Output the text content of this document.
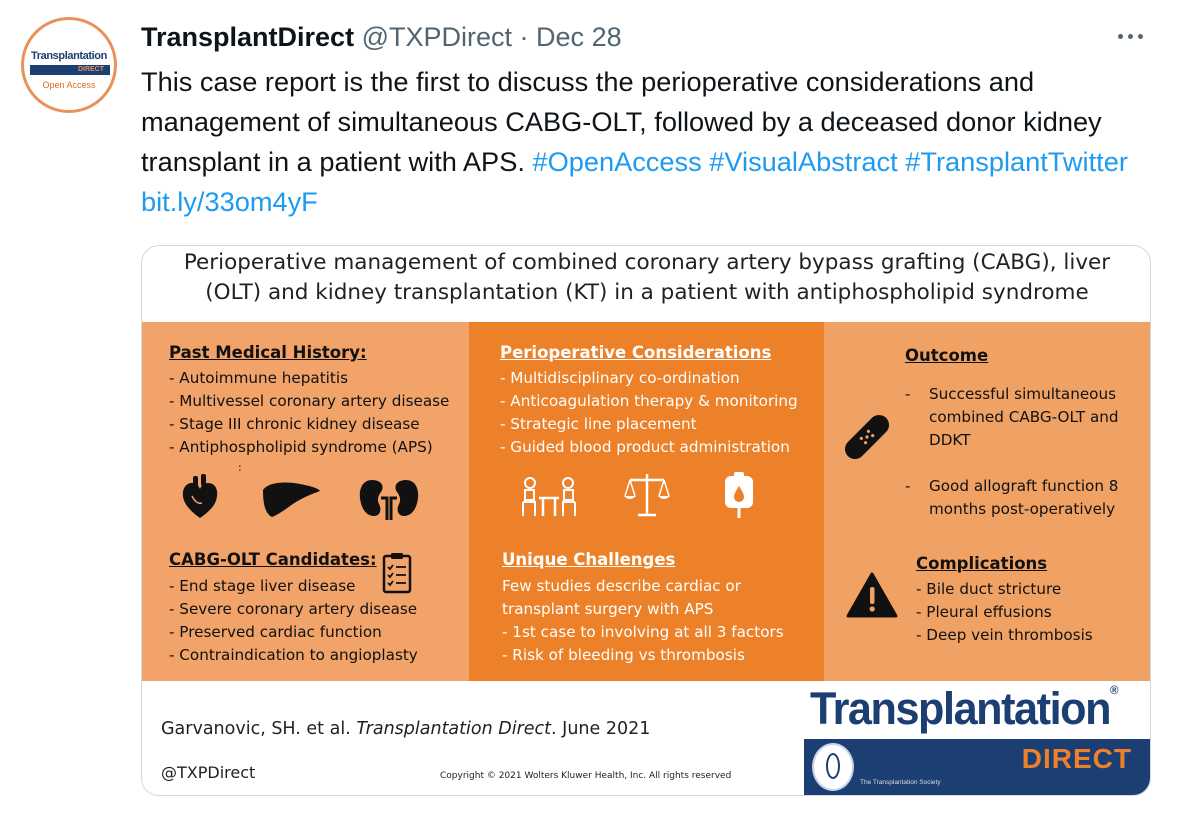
Transplantation
DIRECT
Open Access
TransplantDirect @TXPDirect · Dec 28
This case report is the first to discuss the perioperative considerations and management of simultaneous CABG-OLT, followed by a deceased donor kidney transplant in a patient with APS. #OpenAccess #VisualAbstract #TransplantTwitter bit.ly/33om4yF
Perioperative management of combined coronary artery bypass grafting (CABG), liver
(OLT) and kidney transplantation (KT) in a patient with antiphospholipid syndrome
Past Medical History:
- Autoimmune hepatitis
- Multivessel coronary artery disease
- Stage III chronic kidney disease
- Antiphospholipid syndrome (APS)
:
CABG-OLT Candidates:
- End stage liver disease
- Severe coronary artery disease
- Preserved cardiac function
- Contraindication to angioplasty
Perioperative Considerations
- Multidisciplinary co-ordination
- Anticoagulation therapy & monitoring
- Strategic line placement
- Guided blood product administration
Unique Challenges
Few studies describe cardiac or
transplant surgery with APS
- 1st case to involving at all 3 factors
- Risk of bleeding vs thrombosis
Outcome
- Successful simultaneous
combined CABG-OLT and
DDKT
- Good allograft function 8
months post-operatively
Complications
- Bile duct stricture
- Pleural effusions
- Deep vein thrombosis
Garvanovic, SH. et al. Transplantation Direct. June 2021
@TXPDirect	Copyright © 2021 Wolters Kluwer Health, Inc. All rights reserved
Transplantation®
DIRECT
The Transplantation Society
